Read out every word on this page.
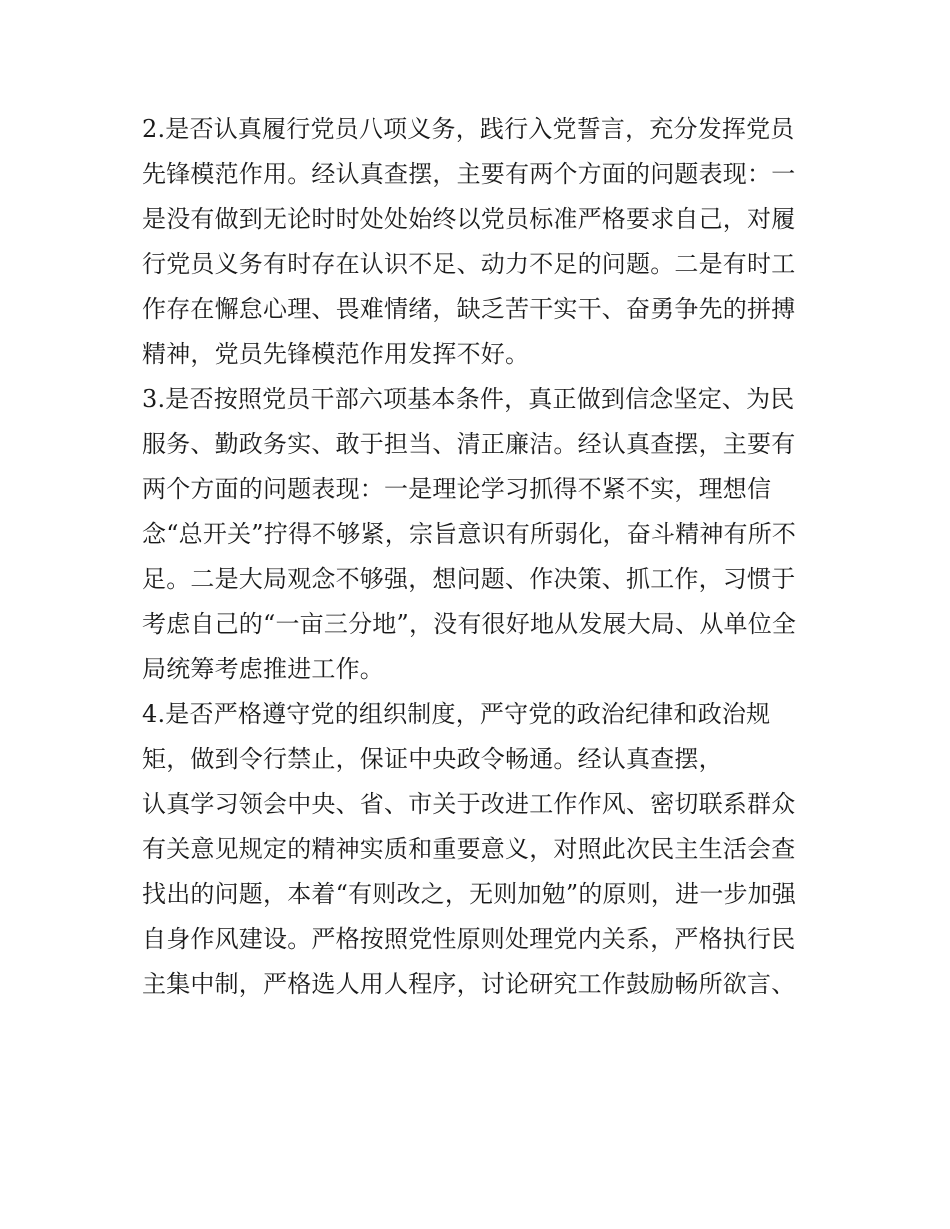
2.是否认真履行党员八项义务，践行入党誓言，充分发挥党员
先锋模范作用。经认真查摆，主要有两个方面的问题表现：一
是没有做到无论时时处处始终以党员标准严格要求自己，对履
行党员义务有时存在认识不足、动力不足的问题。二是有时工
作存在懈怠心理、畏难情绪，缺乏苦干实干、奋勇争先的拼搏
精神，党员先锋模范作用发挥不好。
3.是否按照党员干部六项基本条件，真正做到信念坚定、为民
服务、勤政务实、敢于担当、清正廉洁。经认真查摆，主要有
两个方面的问题表现：一是理论学习抓得不紧不实，理想信
念“总开关”拧得不够紧，宗旨意识有所弱化，奋斗精神有所不
足。二是大局观念不够强，想问题、作决策、抓工作，习惯于
考虑自己的“一亩三分地”，没有很好地从发展大局、从单位全
局统筹考虑推进工作。
4.是否严格遵守党的组织制度，严守党的政治纪律和政治规
矩，做到令行禁止，保证中央政令畅通。经认真查摆，
认真学习领会中央、省、市关于改进工作作风、密切联系群众
有关意见规定的精神实质和重要意义，对照此次民主生活会查
找出的问题，本着“有则改之，无则加勉”的原则，进一步加强
自身作风建设。严格按照党性原则处理党内关系，严格执行民
主集中制，严格选人用人程序，讨论研究工作鼓励畅所欲言、
